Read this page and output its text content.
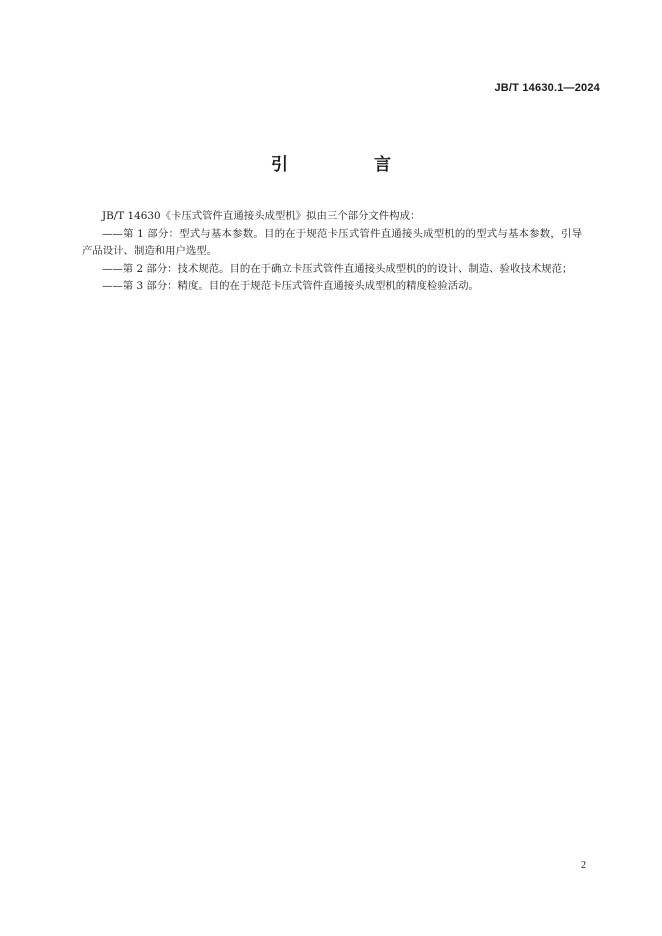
JB/T 14630.1—2024
引 言

JB/T 14630《卡压式管件直通接头成型机》拟由三个部分文件构成：

——第 1 部分：型式与基本参数。目的在于规范卡压式管件直通接头成型机的的型式与基本参数，引导产品设计、制造和用户选型。

——第 2 部分：技术规范。目的在于确立卡压式管件直通接头成型机的的设计、制造、验收技术规范；

——第 3 部分：精度。目的在于规范卡压式管件直通接头成型机的精度检验活动。

2
